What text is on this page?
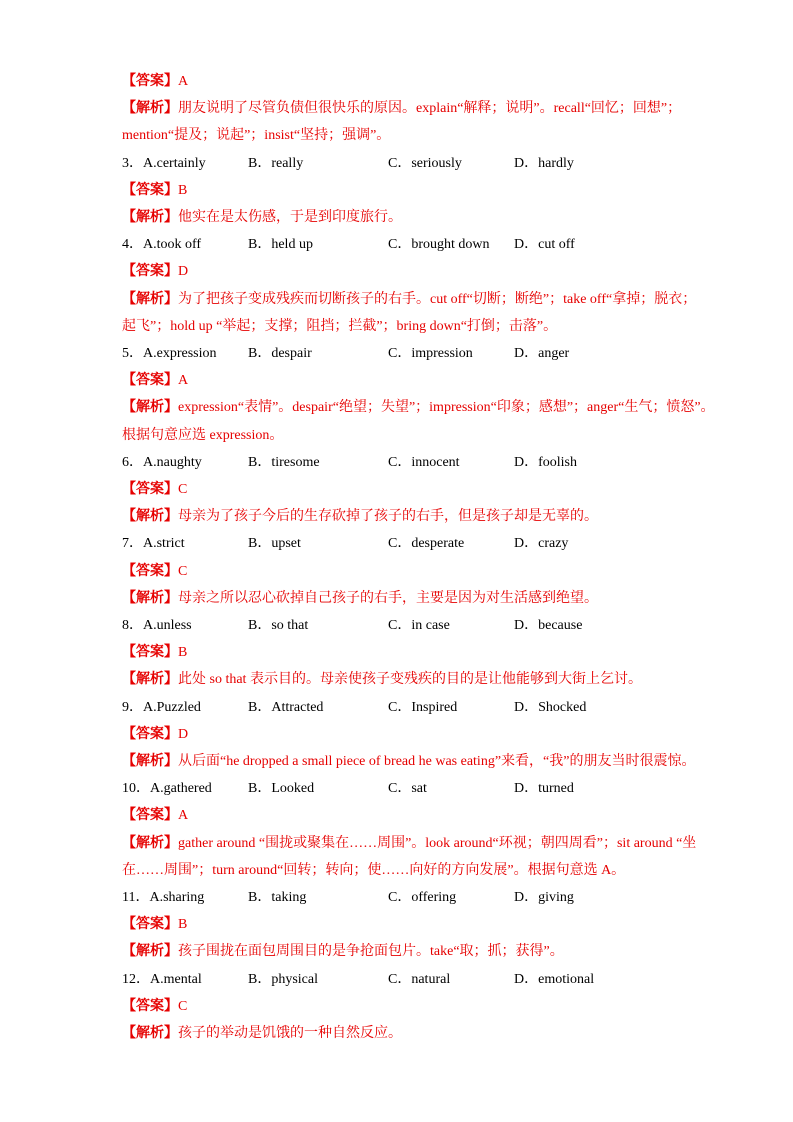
【答案】A
【解析】朋友说明了尽管负债但很快乐的原因。explain“解释；说明”。recall“回忆；回想”；
mention“提及；说起”；insist“坚持；强调”。
3．A.certainly	B．really	C．seriously	D．hardly
【答案】B
【解析】他实在是太伤感，于是到印度旅行。
4．A.took off	B．held up	C．brought down D．cut off
【答案】D
【解析】为了把孩子变成残疾而切断孩子的右手。cut off“切断；断绝”；take off“拿掉；脱衣；
起飞”；hold up “举起；支撑；阻挡；拦截”；bring down“打倒；击落”。
5．A.expression B．despair	C．impression	D．anger
【答案】A
【解析】expression“表情”。despair“绝望；失望”；impression“印象；感想”；anger“生气；愤怒”。
根据句意应选 expression。
6．A.naughty	B．tiresome	C．innocent	D．foolish
【答案】C
【解析】母亲为了孩子今后的生存砍掉了孩子的右手，但是孩子却是无辜的。
7．A.strict	B．upset	C．desperate	D．crazy
【答案】C
【解析】母亲之所以忍心砍掉自己孩子的右手，主要是因为对生活感到绝望。
8．A.unless	B．so that	C．in case	D．because
【答案】B
【解析】此处 so that 表示目的。母亲使孩子变残疾的目的是让他能够到大街上乞讨。
9．A.Puzzled	B．Attracted	C．Inspired	D．Shocked
【答案】D
【解析】从后面“he dropped a small piece of bread he was eating”来看，“我”的朋友当时很震惊。
10．A.gathered	B．Looked	C．sat	D．turned
【答案】A
【解析】gather around “围拢或聚集在……周围”。look around“环视；朝四周看”；sit around “坐
在……周围”；turn around“回转；转向；使……向好的方向发展”。根据句意选 A。
11．A.sharing	B．taking	C．offering	D．giving
【答案】B
【解析】孩子围拢在面包周围目的是争抢面包片。take“取；抓；获得”。
12．A.mental	B．physical	C．natural	D．emotional
【答案】C
【解析】孩子的举动是饥饿的一种自然反应。
